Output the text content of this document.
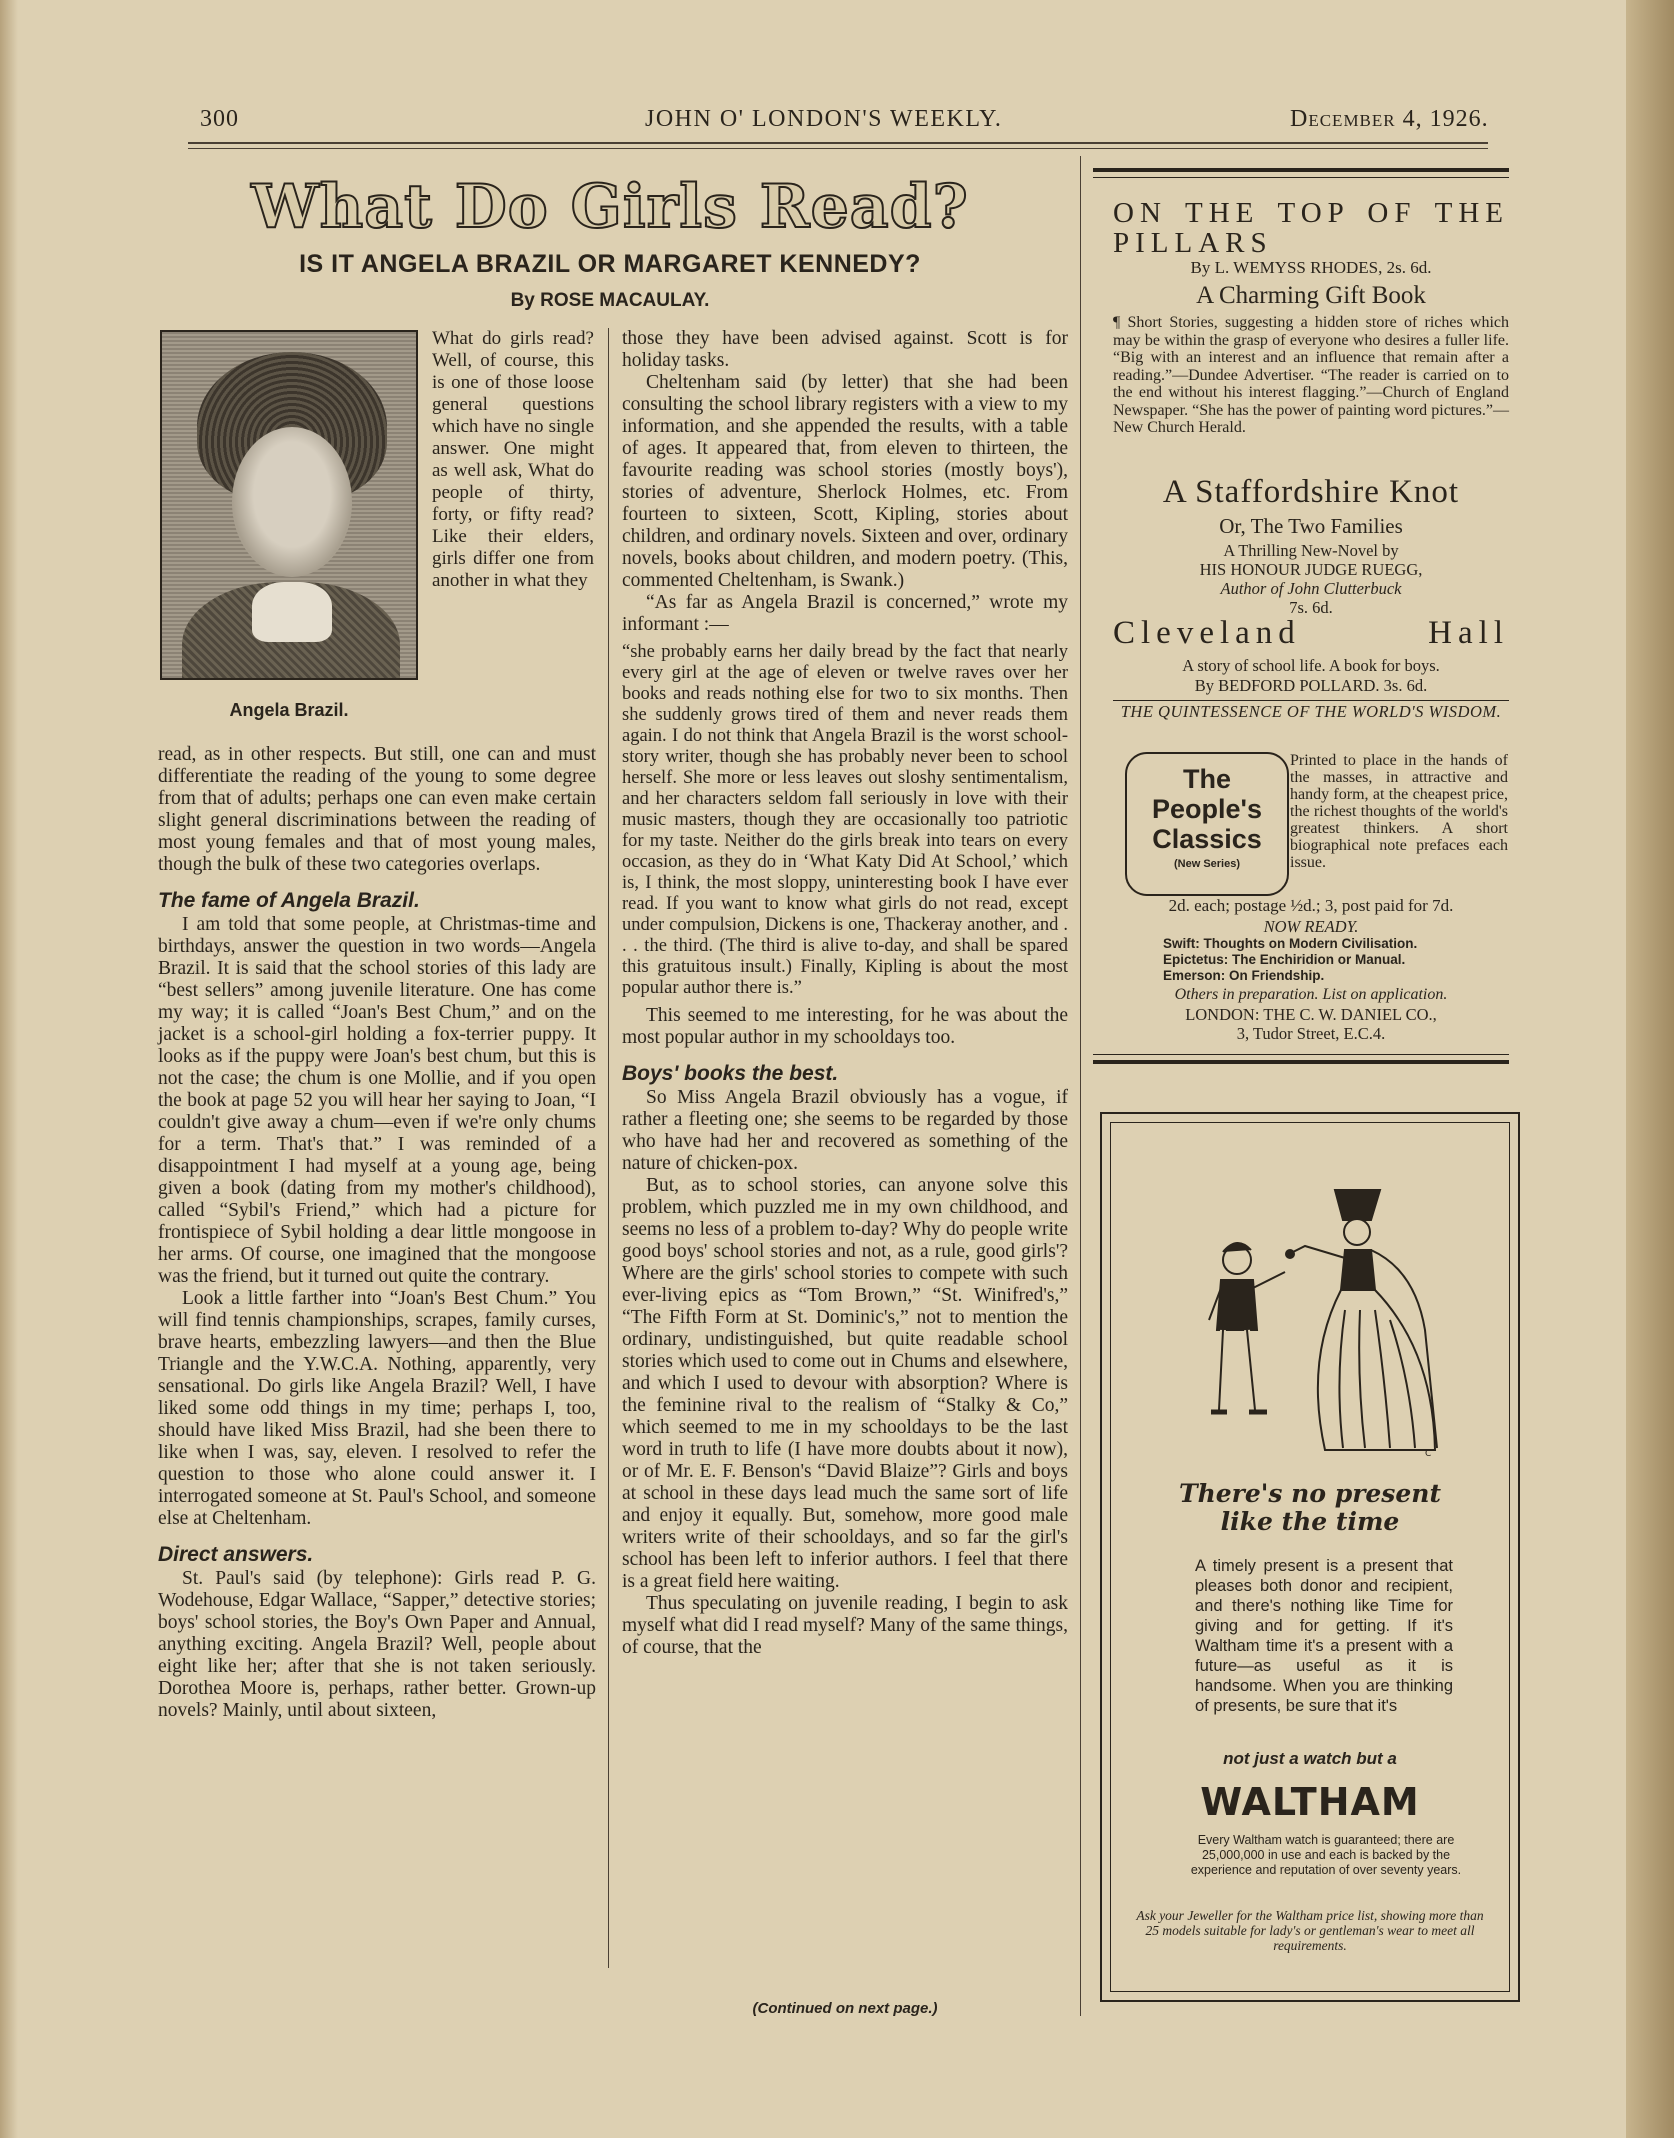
300	JOHN O' LONDON'S WEEKLY.	December 4, 1926.
What Do Girls Read?
IS IT ANGELA BRAZIL OR MARGARET KENNEDY?
By ROSE MACAULAY.
Angela Brazil.

What do girls read? Well, of course, this is one of those loose general questions which have no single answer. One might as well ask, What do people of thirty, forty, or fifty read? Like their elders, girls differ one from another in what they

read, as in other respects. But still, one can and must differentiate the reading of the young to some degree from that of adults; perhaps one can even make certain slight general discriminations between the reading of most young females and that of most young males, though the bulk of these two categories overlaps.

The fame of Angela Brazil.

I am told that some people, at Christmas-time and birthdays, answer the question in two words—Angela Brazil. It is said that the school stories of this lady are “best sellers” among juvenile literature. One has come my way; it is called “Joan's Best Chum,” and on the jacket is a school-girl holding a fox-terrier puppy. It looks as if the puppy were Joan's best chum, but this is not the case; the chum is one Mollie, and if you open the book at page 52 you will hear her saying to Joan, “I couldn't give away a chum—even if we're only chums for a term. That's that.” I was reminded of a disappointment I had myself at a young age, being given a book (dating from my mother's childhood), called “Sybil's Friend,” which had a picture for frontispiece of Sybil holding a dear little mongoose in her arms. Of course, one imagined that the mongoose was the friend, but it turned out quite the contrary.

Look a little farther into “Joan's Best Chum.” You will find tennis championships, scrapes, family curses, brave hearts, embezzling lawyers—and then the Blue Triangle and the Y.W.C.A. Nothing, apparently, very sensational. Do girls like Angela Brazil? Well, I have liked some odd things in my time; perhaps I, too, should have liked Miss Brazil, had she been there to like when I was, say, eleven. I resolved to refer the question to those who alone could answer it. I interrogated someone at St. Paul's School, and someone else at Cheltenham.

Direct answers.

St. Paul's said (by telephone): Girls read P. G. Wodehouse, Edgar Wallace, “Sapper,” detective stories; boys' school stories, the Boy's Own Paper and Annual, anything exciting. Angela Brazil? Well, people about eight like her; after that she is not taken seriously. Dorothea Moore is, perhaps, rather better. Grown-up novels? Mainly, until about sixteen,

those they have been advised against. Scott is for holiday tasks.

Cheltenham said (by letter) that she had been consulting the school library registers with a view to my information, and she appended the results, with a table of ages. It appeared that, from eleven to thirteen, the favourite reading was school stories (mostly boys'), stories of adventure, Sherlock Holmes, etc. From fourteen to sixteen, Scott, Kipling, stories about children, and ordinary novels. Sixteen and over, ordinary novels, books about children, and modern poetry. (This, commented Cheltenham, is Swank.)

“As far as Angela Brazil is concerned,” wrote my informant :—

“she probably earns her daily bread by the fact that nearly every girl at the age of eleven or twelve raves over her books and reads nothing else for two to six months. Then she suddenly grows tired of them and never reads them again. I do not think that Angela Brazil is the worst school-story writer, though she has probably never been to school herself. She more or less leaves out sloshy sentimentalism, and her characters seldom fall seriously in love with their music masters, though they are occasionally too patriotic for my taste. Neither do the girls break into tears on every occasion, as they do in ‘What Katy Did At School,’ which is, I think, the most sloppy, uninteresting book I have ever read. If you want to know what girls do not read, except under compulsion, Dickens is one, Thackeray another, and . . . the third. (The third is alive to-day, and shall be spared this gratuitous insult.) Finally, Kipling is about the most popular author there is.”

This seemed to me interesting, for he was about the most popular author in my schooldays too.

Boys' books the best.

So Miss Angela Brazil obviously has a vogue, if rather a fleeting one; she seems to be regarded by those who have had her and recovered as something of the nature of chicken-pox.

But, as to school stories, can anyone solve this problem, which puzzled me in my own childhood, and seems no less of a problem to-day? Why do people write good boys' school stories and not, as a rule, good girls'? Where are the girls' school stories to compete with such ever-living epics as “Tom Brown,” “St. Winifred's,” “The Fifth Form at St. Dominic's,” not to mention the ordinary, undistinguished, but quite readable school stories which used to come out in Chums and elsewhere, and which I used to devour with absorption? Where is the feminine rival to the realism of “Stalky & Co,” which seemed to me in my schooldays to be the last word in truth to life (I have more doubts about it now), or of Mr. E. F. Benson's “David Blaize”? Girls and boys at school in these days lead much the same sort of life and enjoy it equally. But, somehow, more good male writers write of their schooldays, and so far the girl's school has been left to inferior authors. I feel that there is a great field here waiting.

Thus speculating on juvenile reading, I begin to ask myself what did I read myself? Many of the same things, of course, that the

(Continued on next page.)
ON THE TOP OF THE PILLARS
By L. WEMYSS RHODES, 2s. 6d.
A Charming Gift Book
¶ Short Stories, suggesting a hidden store of riches which may be within the grasp of everyone who desires a fuller life. “Big with an interest and an influence that remain after a reading.”—Dundee Advertiser. “The reader is carried on to the end without his interest flagging.”—Church of England Newspaper. “She has the power of painting word pictures.”—New Church Herald.
A Staffordshire Knot
Or, The Two Families
A Thrilling New-Novel by
HIS HONOUR JUDGE RUEGG,
Author of John Clutterbuck
7s. 6d.
Cleveland Hall
A story of school life. A book for boys.
By BEDFORD POLLARD. 3s. 6d.
THE QUINTESSENCE OF THE WORLD'S WISDOM.
The
People's
Classics
(New Series)
Printed to place in the hands of the masses, in attractive and handy form, at the cheapest price, the richest thoughts of the world's greatest thinkers. A short biographical note prefaces each issue.
2d. each; postage ½d.; 3, post paid for 7d.
NOW READY.
Swift: Thoughts on Modern Civilisation.
Epictetus: The Enchiridion or Manual.
Emerson: On Friendship.
Others in preparation. List on application.
LONDON: THE C. W. DANIEL CO.,
3, Tudor Street, E.C.4.
C
There's no present
like the time
A timely present is a present that pleases both donor and recipient, and there's nothing like Time for giving and for getting. If it's Waltham time it's a present with a future—as useful as it is handsome. When you are thinking of presents, be sure that it's
not just a watch but a
WALTHAM
Every Waltham watch is guaranteed; there are 25,000,000 in use and each is backed by the experience and reputation of over seventy years.
Ask your Jeweller for the Waltham price list, showing more than 25 models suitable for lady's or gentleman's wear to meet all requirements.
